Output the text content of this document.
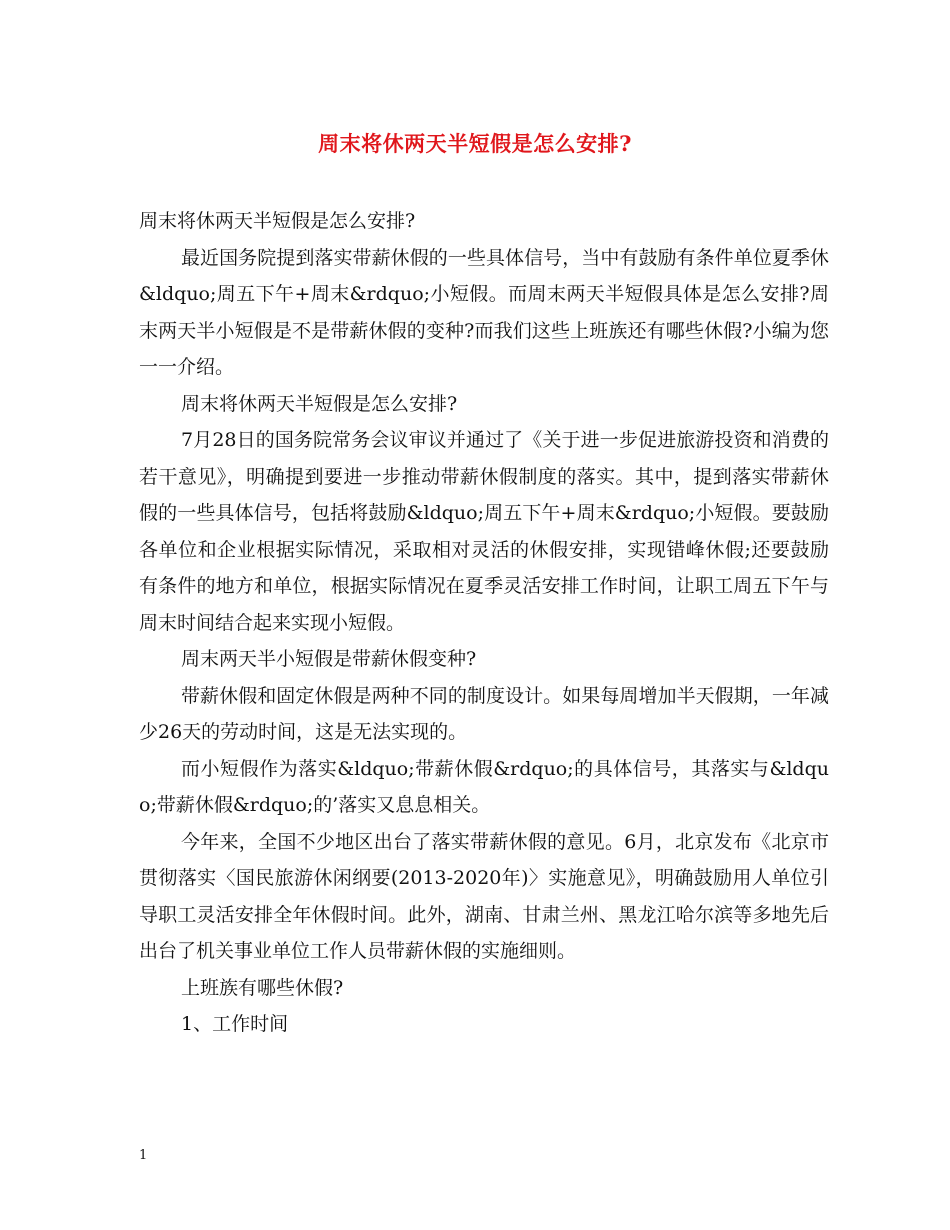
周末将休两天半短假是怎么安排?

周末将休两天半短假是怎么安排?

最近国务院提到落实带薪休假的一些具体信号，当中有鼓励有条件单位夏季休&ldquo;周五下午+周末&rdquo;小短假。而周末两天半短假具体是怎么安排?周末两天半小短假是不是带薪休假的变种?而我们这些上班族还有哪些休假?小编为您一一介绍。

周末将休两天半短假是怎么安排?

7月28日的国务院常务会议审议并通过了《关于进一步促进旅游投资和消费的若干意见》，明确提到要进一步推动带薪休假制度的落实。其中，提到落实带薪休假的一些具体信号，包括将鼓励&ldquo;周五下午+周末&rdquo;小短假。要鼓励各单位和企业根据实际情况，采取相对灵活的休假安排，实现错峰休假;还要鼓励有条件的地方和单位，根据实际情况在夏季灵活安排工作时间，让职工周五下午与周末时间结合起来实现小短假。

周末两天半小短假是带薪休假变种?

带薪休假和固定休假是两种不同的制度设计。如果每周增加半天假期，一年减少26天的劳动时间，这是无法实现的。

而小短假作为落实&ldquo;带薪休假&rdquo;的具体信号，其落实与&ldquo;带薪休假&rdquo;的’落实又息息相关。

今年来，全国不少地区出台了落实带薪休假的意见。6月，北京发布《北京市贯彻落实〈国民旅游休闲纲要(2013-2020年)〉实施意见》，明确鼓励用人单位引导职工灵活安排全年休假时间。此外，湖南、甘肃兰州、黑龙江哈尔滨等多地先后出台了机关事业单位工作人员带薪休假的实施细则。

上班族有哪些休假?

1、工作时间

1
